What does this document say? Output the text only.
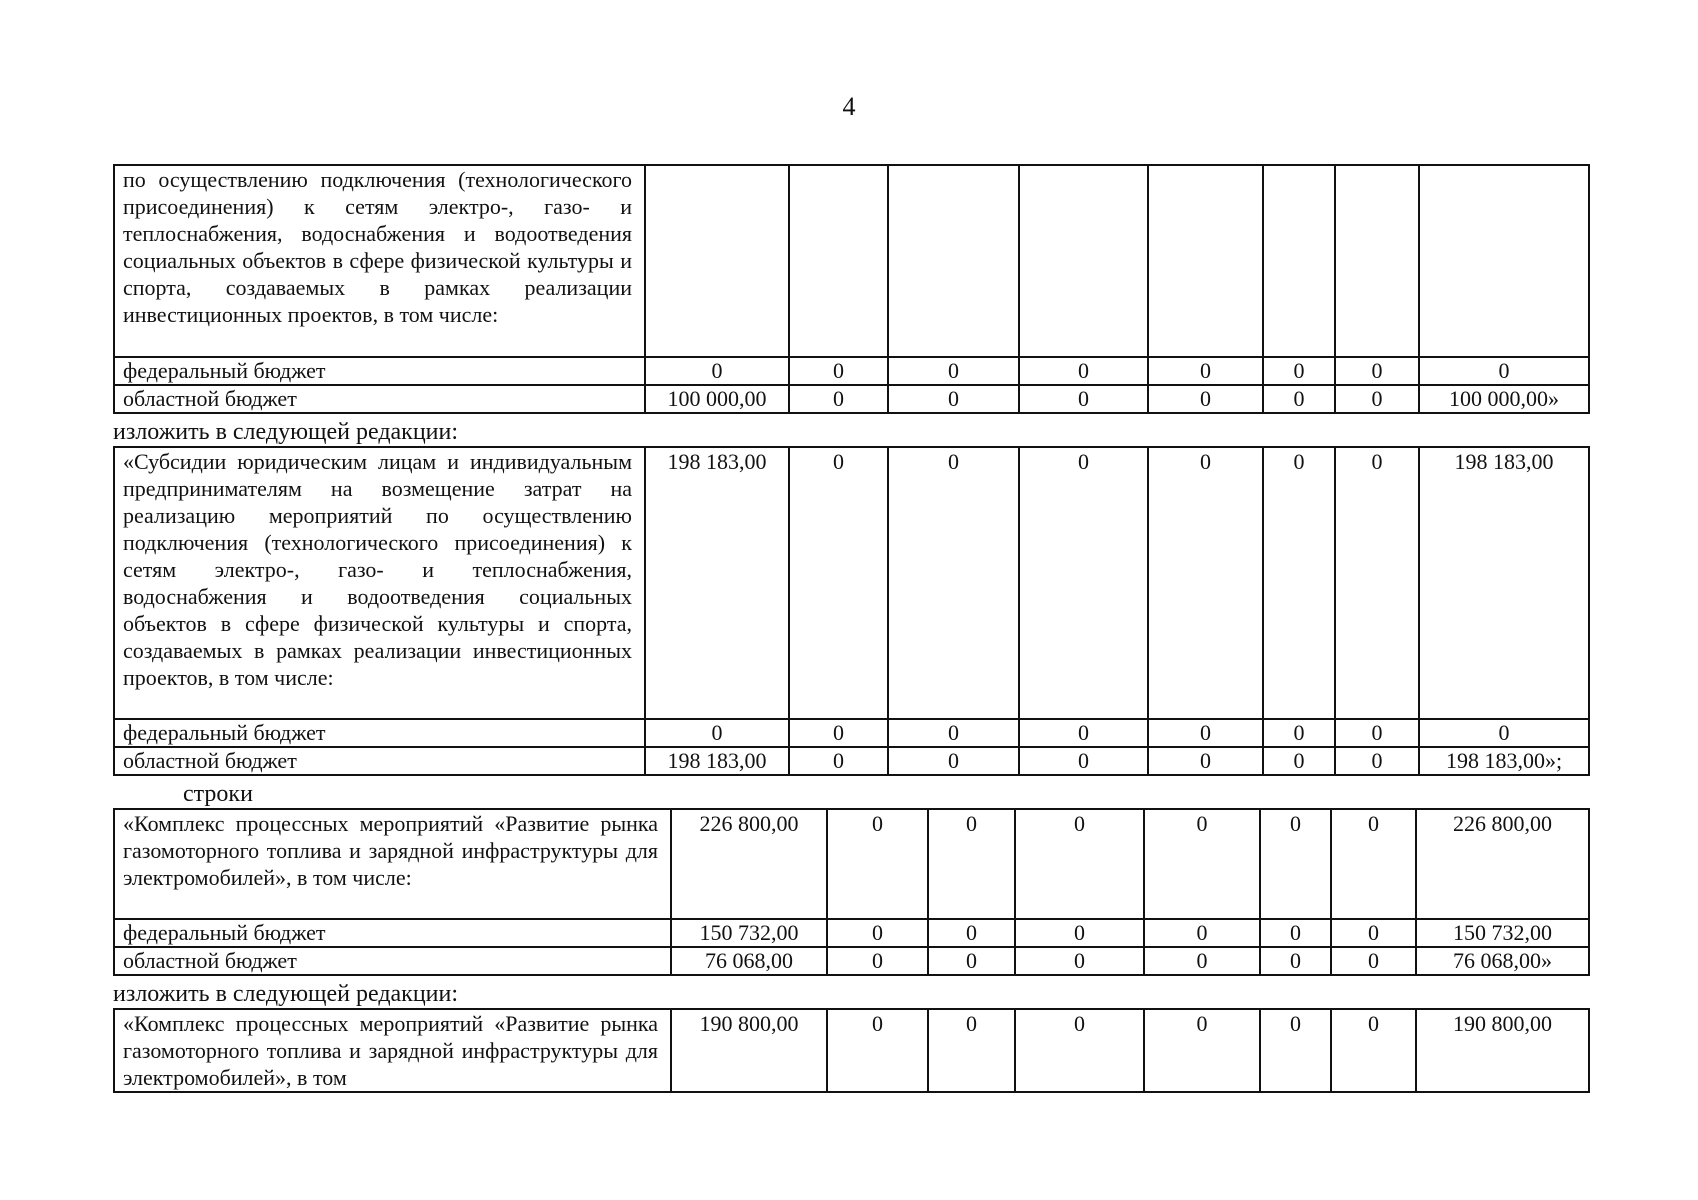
4
по осуществлению подключения (технологического присоединения) к сетям электро-, газо- и теплоснабжения, водоснабжения и водоотведения социальных объектов в сфере физической культуры и спорта, создаваемых в рамках реализации инвестиционных проектов, в том числе:								
федеральный бюджет	0	0	0	0	0	0	0	0
областной бюджет	100 000,00	0	0	0	0	0	0	100 000,00»
изложить в следующей редакции:
«Субсидии юридическим лицам и индивидуальным предпринимателям на возмещение затрат на реализацию мероприятий по осуществлению подключения (технологического присоединения) к сетям электро-, газо- и теплоснабжения, водоснабжения и водоотведения социальных объектов в сфере физической культуры и спорта, создаваемых в рамках реализации инвестиционных проектов, в том числе:	198 183,00	0	0	0	0	0	0	198 183,00
федеральный бюджет	0	0	0	0	0	0	0	0
областной бюджет	198 183,00	0	0	0	0	0	0	198 183,00»;
строки
«Комплекс процессных мероприятий «Развитие рынка газомоторного топлива и зарядной инфраструктуры для электромобилей», в том числе:	226 800,00	0	0	0	0	0	0	226 800,00
федеральный бюджет	150 732,00	0	0	0	0	0	0	150 732,00
областной бюджет	76 068,00	0	0	0	0	0	0	76 068,00»
изложить в следующей редакции:
«Комплекс процессных мероприятий «Развитие рынка газомоторного топлива и зарядной инфраструктуры для электромобилей», в том	190 800,00	0	0	0	0	0	0	190 800,00
